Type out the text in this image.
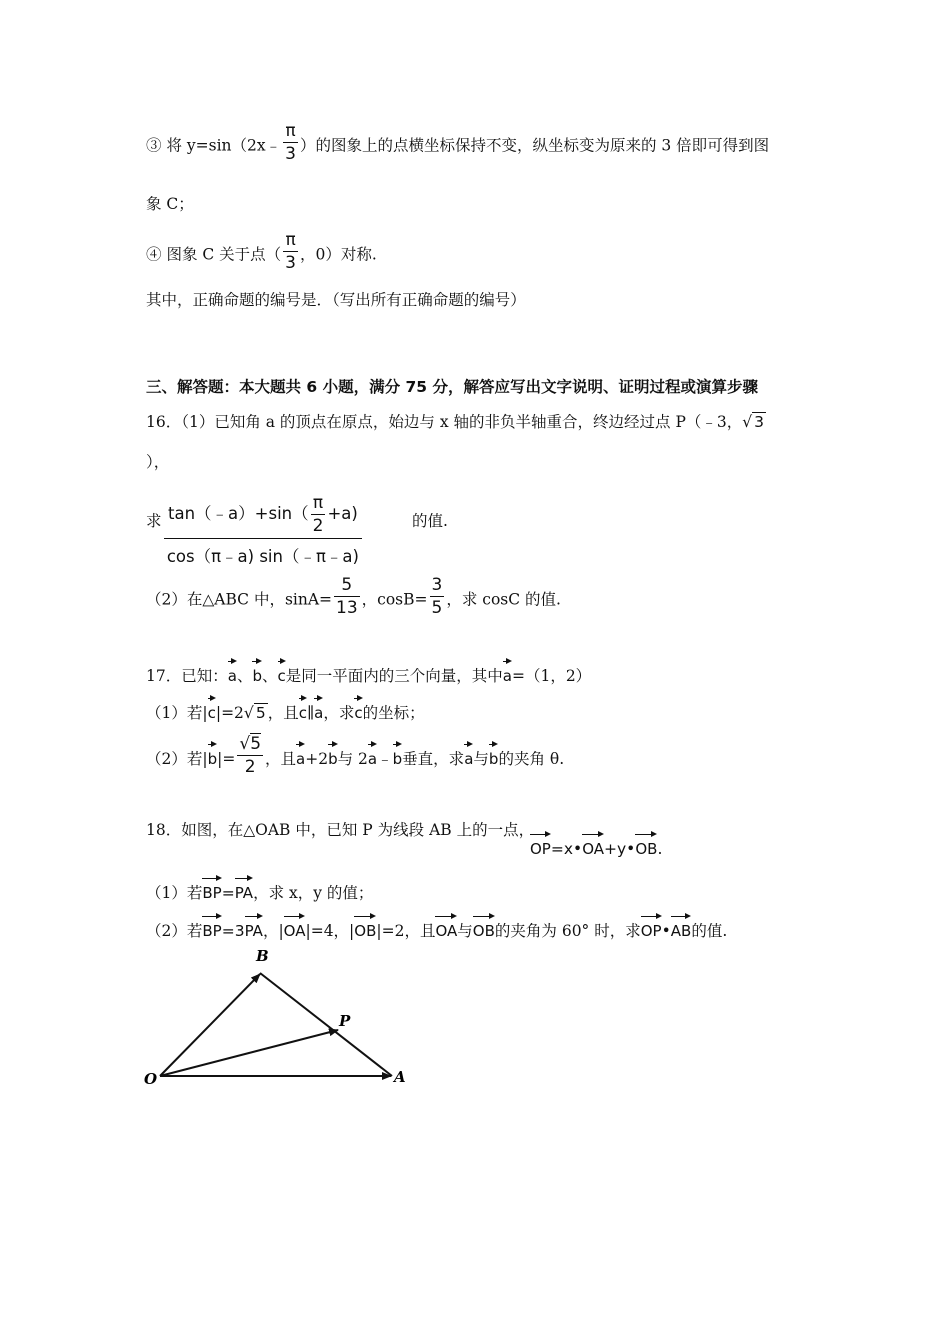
③ 将 y=sin（2x﹣ $\frac{\pi}{3}$ ）的图象上的点横坐标保持不变，纵坐标变为原来的 3 倍即可得到图
象 C；
④ 图象 C 关于点（ $\frac{\pi}{3}$ ，0）对称.
其中，正确命题的编号是．（写出所有正确命题的编号）
三、解答题：本大题共 6 小题，满分 75 分，解答应写出文字说明、证明过程或演算步骤
16．（1）已知角 a 的顶点在原点，始边与 x 轴的非负半轴重合，终边经过点 P（﹣3，√ 3
），
求 $\frac{\tan(﹣a)+\sin( \frac{\pi}{2} +a)}{\cos(\pi﹣a) \sin(﹣\pi﹣a)}$	的值.
（2）在△ABC 中，$\sin A= \frac{5}{13}$ ，$\cos B= \frac{3}{5}$ ，求 cosC 的值.
17．已知：a、b、c是同一平面内的三个向量，其中a=（1，2）
（1）若|c|=2√ 5 ，且c∥a，求c的坐标；
（2）若$|b|= \frac{√5}{2}$ ，且a+2b与 2a﹣b垂直，求a与b的夹角 θ.
18．如图，在△OAB 中，已知 P 为线段 AB 上的一点，
OP=x•OA+y•OB.
（1）若BP=PA，求 x，y 的值；
（2）若BP=3PA，|OA|=4，|OB|=2，且OA与OB的夹角为 60° 时，求OP•AB的值.
B
P
O	A
